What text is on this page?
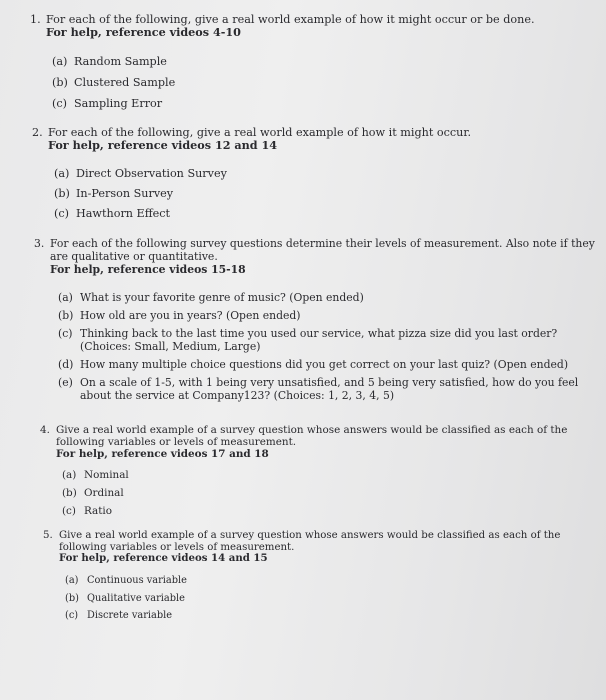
1. For each of the following, give a real world example of how it might occur or be done.
For help, reference videos 4-10
(a) Random Sample
(b) Clustered Sample
(c) Sampling Error
2. For each of the following, give a real world example of how it might occur.
For help, reference videos 12 and 14
(a) Direct Observation Survey
(b) In-Person Survey
(c) Hawthorn Effect
3. For each of the following survey questions determine their levels of measurement. Also note if they
are qualitative or quantitative.
For help, reference videos 15-18
(a) What is your favorite genre of music? (Open ended)
(b) How old are you in years? (Open ended)
(c) Thinking back to the last time you used our service, what pizza size did you last order?
(Choices: Small, Medium, Large)
(d) How many multiple choice questions did you get correct on your last quiz? (Open ended)
(e) On a scale of 1-5, with 1 being very unsatisfied, and 5 being very satisfied, how do you feel
about the service at Company123? (Choices: 1, 2, 3, 4, 5)
4. Give a real world example of a survey question whose answers would be classified as each of the
following variables or levels of measurement.
For help, reference videos 17 and 18
(a) Nominal
(b) Ordinal
(c) Ratio
5. Give a real world example of a survey question whose answers would be classified as each of the
following variables or levels of measurement.
For help, reference videos 14 and 15
(a) Continuous variable
(b) Qualitative variable
(c) Discrete variable
